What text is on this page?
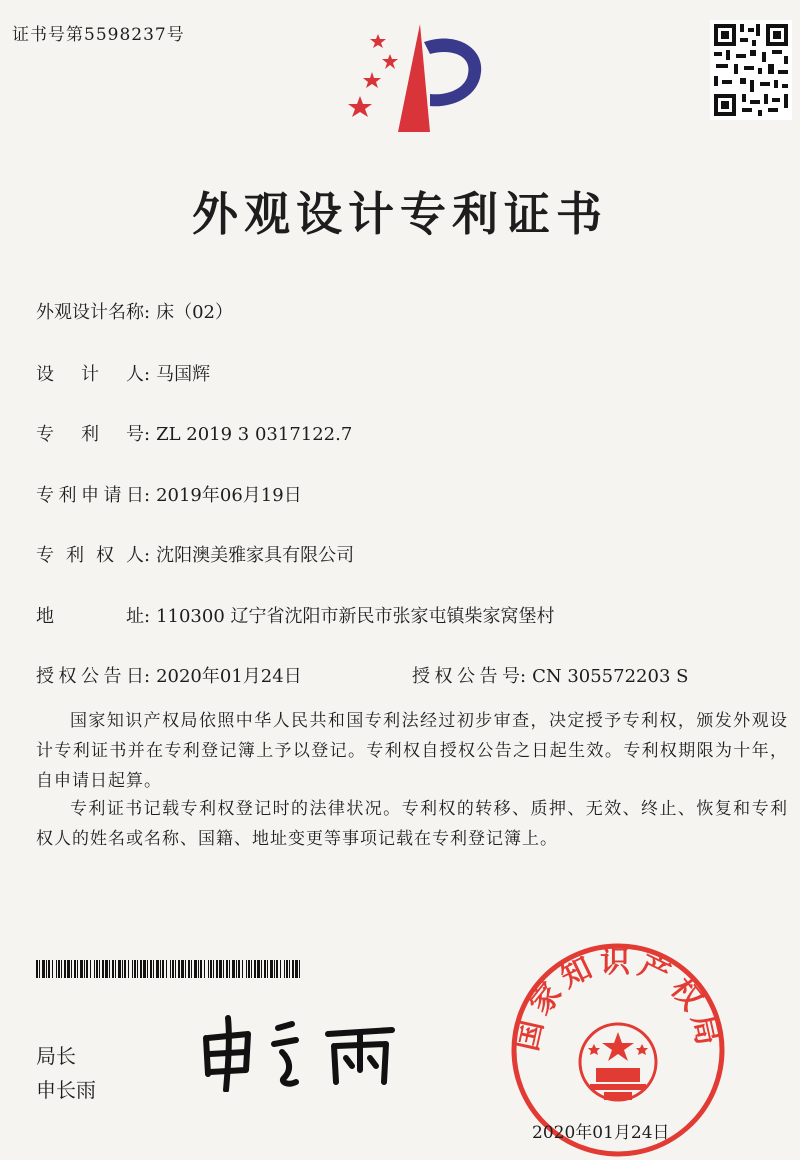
证书号第5598237号
外观设计专利证书
外观设计名称: 床（02）
设计人: 马国辉
专利号: ZL 2019 3 0317122.7
专利申请日: 2019年06月19日
专利权人: 沈阳澳美雅家具有限公司
地址: 110300 辽宁省沈阳市新民市张家屯镇柴家窝堡村
授权公告日: 2020年01月24日	授权公告号: CN 305572203 S
国家知识产权局依照中华人民共和国专利法经过初步审查，决定授予专利权，颁发外观设计专利证书并在专利登记簿上予以登记。专利权自授权公告之日起生效。专利权期限为十年，自申请日起算。
专利证书记载专利权登记时的法律状况。专利权的转移、质押、无效、终止、恢复和专利权人的姓名或名称、国籍、地址变更等事项记载在专利登记簿上。
局长
申长雨
国家知识产权局
2020年01月24日
